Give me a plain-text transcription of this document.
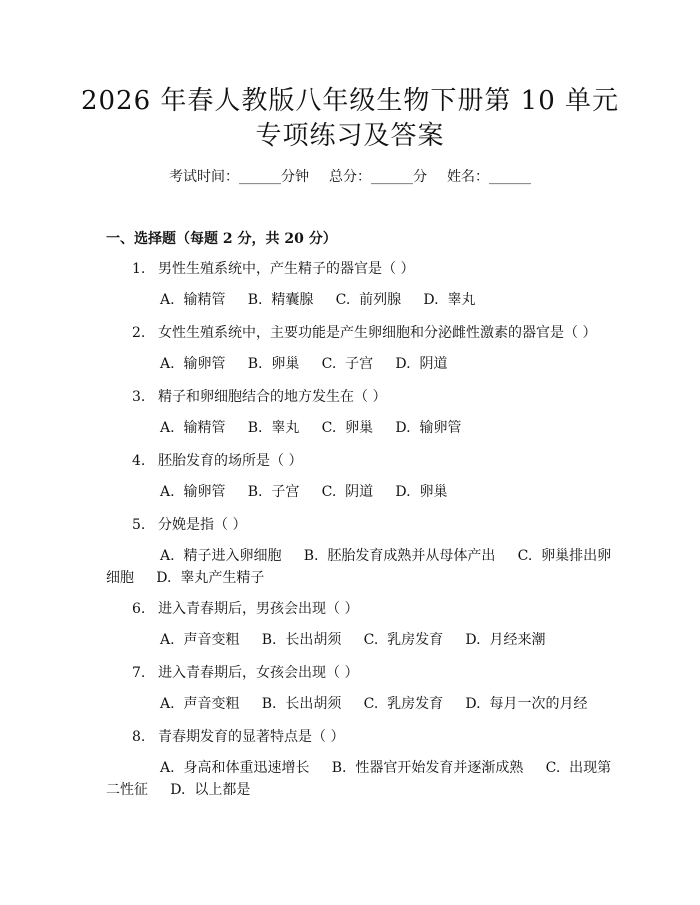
2026 年春人教版八年级生物下册第 10 单元
专项练习及答案
考试时间：______分钟 总分：______分 姓名：______
一、选择题（每题 2 分，共 20 分）
1. 男性生殖系统中，产生精子的器官是（ ）
A.  输精管     B.  精囊腺     C.  前列腺     D.  睾丸
2. 女性生殖系统中，主要功能是产生卵细胞和分泌雌性激素的器官是（ ）
A.  输卵管     B.  卵巢     C.  子宫     D.  阴道
3. 精子和卵细胞结合的地方发生在（ ）
A.  输精管     B.  睾丸     C.  卵巢     D.  输卵管
4. 胚胎发育的场所是（ ）
A.  输卵管     B.  子宫     C.  阴道     D.  卵巢
5. 分娩是指（ ）
A.  精子进入卵细胞     B.  胚胎发育成熟并从母体产出     C.  卵巢排出卵
细胞     D.  睾丸产生精子
6. 进入青春期后，男孩会出现（ ）
A.  声音变粗     B.  长出胡须     C.  乳房发育     D.  月经来潮
7. 进入青春期后，女孩会出现（ ）
A.  声音变粗     B.  长出胡须     C.  乳房发育     D.  每月一次的月经
8. 青春期发育的显著特点是（ ）
A.  身高和体重迅速增长     B.  性器官开始发育并逐渐成熟     C.  出现第
二性征     D.  以上都是
